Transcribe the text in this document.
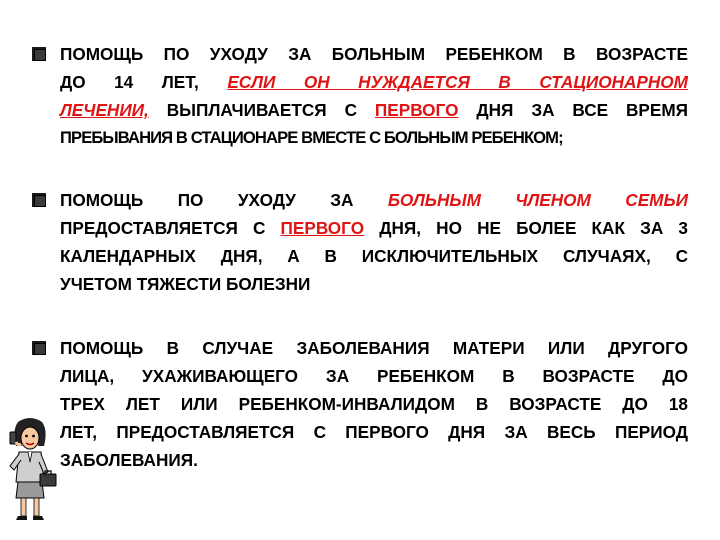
ПОМОЩЬ ПО УХОДУ ЗА БОЛЬНЫМ РЕБЕНКОМ В ВОЗРАСТЕ
ДО 14 ЛЕТ, ЕСЛИ ОН НУЖДАЕТСЯ В СТАЦИОНАРНОМ
ЛЕЧЕНИИ, ВЫПЛАЧИВАЕТСЯ С ПЕРВОГО ДНЯ ЗА ВСЕ ВРЕМЯ
ПРЕБЫВАНИЯ В СТАЦИОНАРЕ ВМЕСТЕ С БОЛЬНЫМ РЕБЕНКОМ;
ПОМОЩЬ ПО УХОДУ ЗА БОЛЬНЫМ ЧЛЕНОМ СЕМЬИ
ПРЕДОСТАВЛЯЕТСЯ С ПЕРВОГО ДНЯ, НО НЕ БОЛЕЕ КАК ЗА 3
КАЛЕНДАРНЫХ ДНЯ, А В ИСКЛЮЧИТЕЛЬНЫХ СЛУЧАЯХ, С
УЧЕТОМ ТЯЖЕСТИ БОЛЕЗНИ
ПОМОЩЬ В СЛУЧАЕ ЗАБОЛЕВАНИЯ МАТЕРИ ИЛИ ДРУГОГО
ЛИЦА, УХАЖИВАЮЩЕГО ЗА РЕБЕНКОМ В ВОЗРАСТЕ ДО
ТРЕХ ЛЕТ ИЛИ РЕБЕНКОМ-ИНВАЛИДОМ В ВОЗРАСТЕ ДО 18
ЛЕТ, ПРЕДОСТАВЛЯЕТСЯ С ПЕРВОГО ДНЯ ЗА ВЕСЬ ПЕРИОД
ЗАБОЛЕВАНИЯ.
